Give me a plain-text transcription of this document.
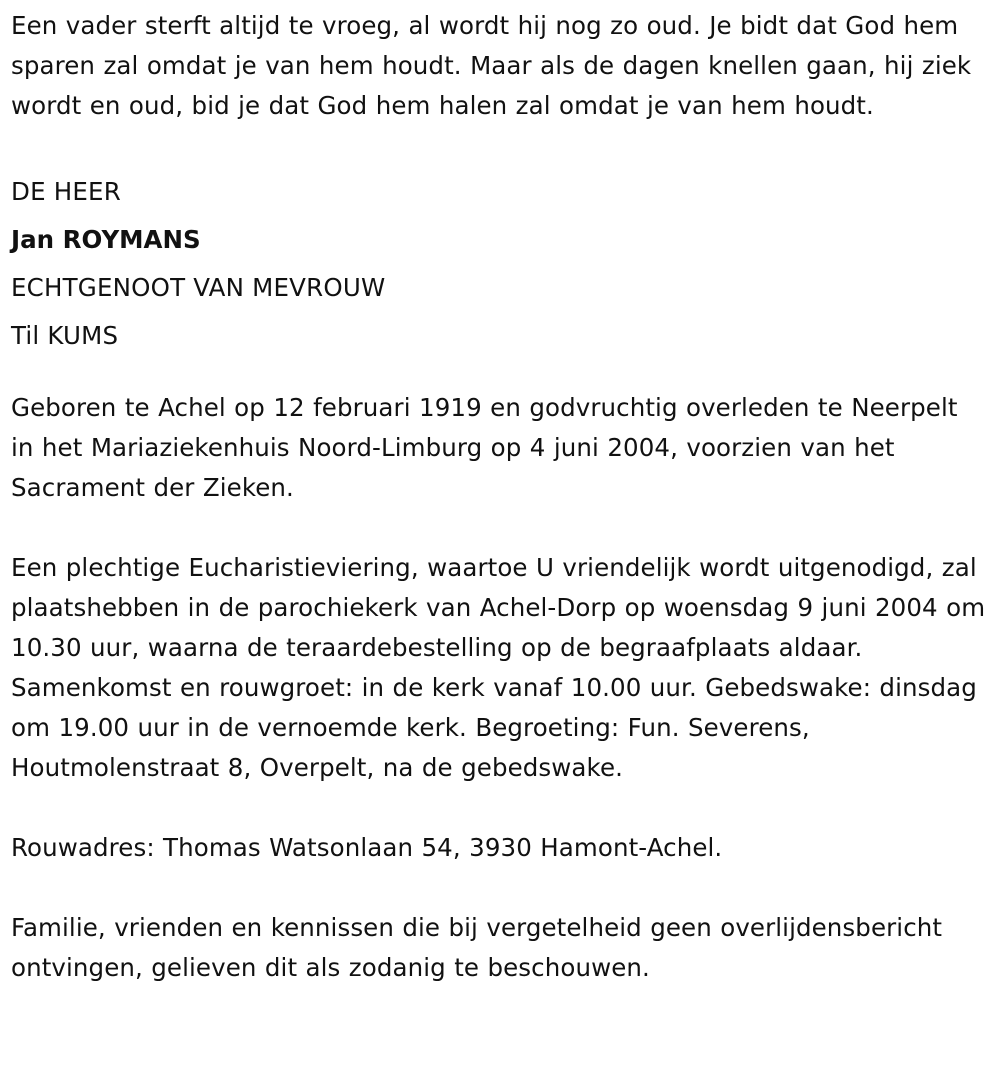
Een vader sterft altijd te vroeg, al wordt hij nog zo oud. Je bidt dat God hem sparen zal omdat je van hem houdt. Maar als de dagen knellen gaan, hij ziek wordt en oud, bid je dat God hem halen zal omdat je van hem houdt.

DE HEER

Jan ROYMANS

ECHTGENOOT VAN MEVROUW

Til KUMS

Geboren te Achel op 12 februari 1919 en godvruchtig overleden te Neerpelt in het Mariaziekenhuis Noord-Limburg op 4 juni 2004, voorzien van het Sacrament der Zieken.

Een plechtige Eucharistieviering, waartoe U vriendelijk wordt uitgenodigd, zal plaatshebben in de parochiekerk van Achel-Dorp op woensdag 9 juni 2004 om 10.30 uur, waarna de teraardebestelling op de begraafplaats aldaar. Samenkomst en rouwgroet: in de kerk vanaf 10.00 uur. Gebedswake: dinsdag om 19.00 uur in de vernoemde kerk. Begroeting: Fun. Severens, Houtmolenstraat 8, Overpelt, na de gebedswake.

Rouwadres: Thomas Watsonlaan 54, 3930 Hamont-Achel.

Familie, vrienden en kennissen die bij vergetelheid geen overlijdensbericht ontvingen, gelieven dit als zodanig te beschouwen.
